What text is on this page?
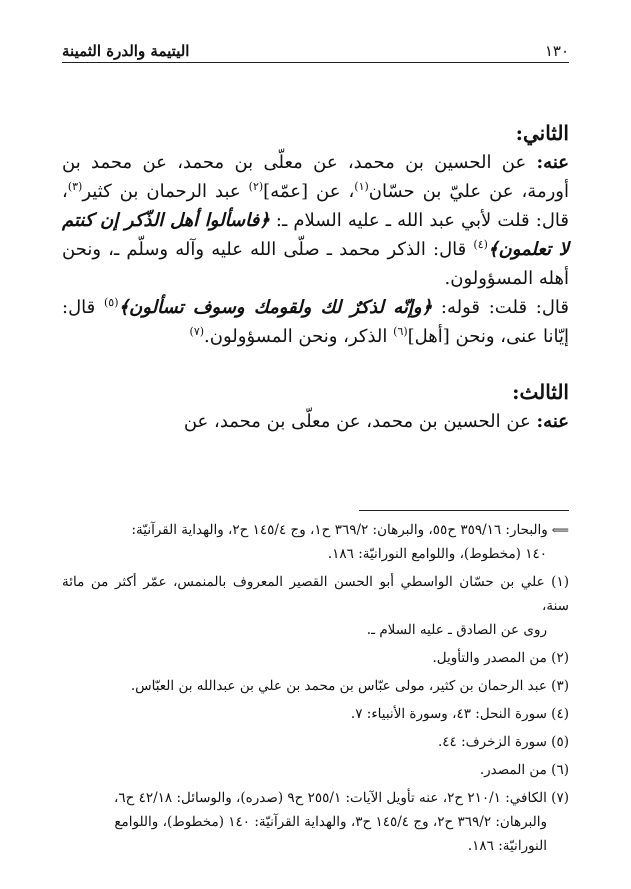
١٣٠
اليتيمة والدرة الثمينة

الثاني:

عنه: عن الحسين بن محمد، عن معلّى بن محمد، عن محمد بن أورمة، عن عليّ بن حسّان$^{(١)}$، عن [عمّه]$^{(٢)}$ عبد الرحمان بن كثير$^{(٣)}$، قال: قلت لأبي عبد الله ـ عليه السلام ـ: ﴿فاسألوا أهل الذّكر إن كنتم لا تعلمون﴾$^{(٤)}$ قال: الذكر محمد ـ صلّى الله عليه وآله وسلّم ـ، ونحن أهله المسؤولون.

قال: قلت: قوله: ﴿وإنّه لذكرٌ لك ولقومك وسوف تسألون﴾$^{(٥)}$ قال: إيّانا عنى، ونحن [أهل]$^{(٦)}$ الذكر، ونحن المسؤولون.$^{(٧)}$

الثالث:

عنه: عن الحسين بن محمد، عن معلّى بن محمد، عن

⟸والبحار: ٣٥٩/١٦ ح٥٥، والبرهان: ٣٦٩/٢ ح١، وج ١٤٥/٤ ح٢، والهداية القرآنيّة:
١٤٠ (مخطوط)، واللوامع النورانيّة: ١٨٦.

(١) علي بن حسّان الواسطي أبو الحسن القصير المعروف بالمنمس، عمّر أكثر من مائة سنة،
روى عن الصادق ـ عليه السلام ـ.

(٢) من المصدر والتأويل.

(٣) عبد الرحمان بن كثير، مولى عبّاس بن محمد بن علي بن عبدالله بن العبّاس.

(٤) سورة النحل: ٤٣، وسورة الأنبياء: ٧.

(٥) سورة الزخرف: ٤٤.

(٦) من المصدر.

(٧) الكافي: ٢١٠/١ ح٢، عنه تأويل الآيات: ٢٥٥/١ ح٩ (صدره)، والوسائل: ٤٢/١٨ ح٦،
والبرهان: ٣٦٩/٢ ح٢، وج ١٤٥/٤ ح٣، والهداية القرآنيّة: ١٤٠ (مخطوط)، واللوامع
النورانيّة: ١٨٦.
